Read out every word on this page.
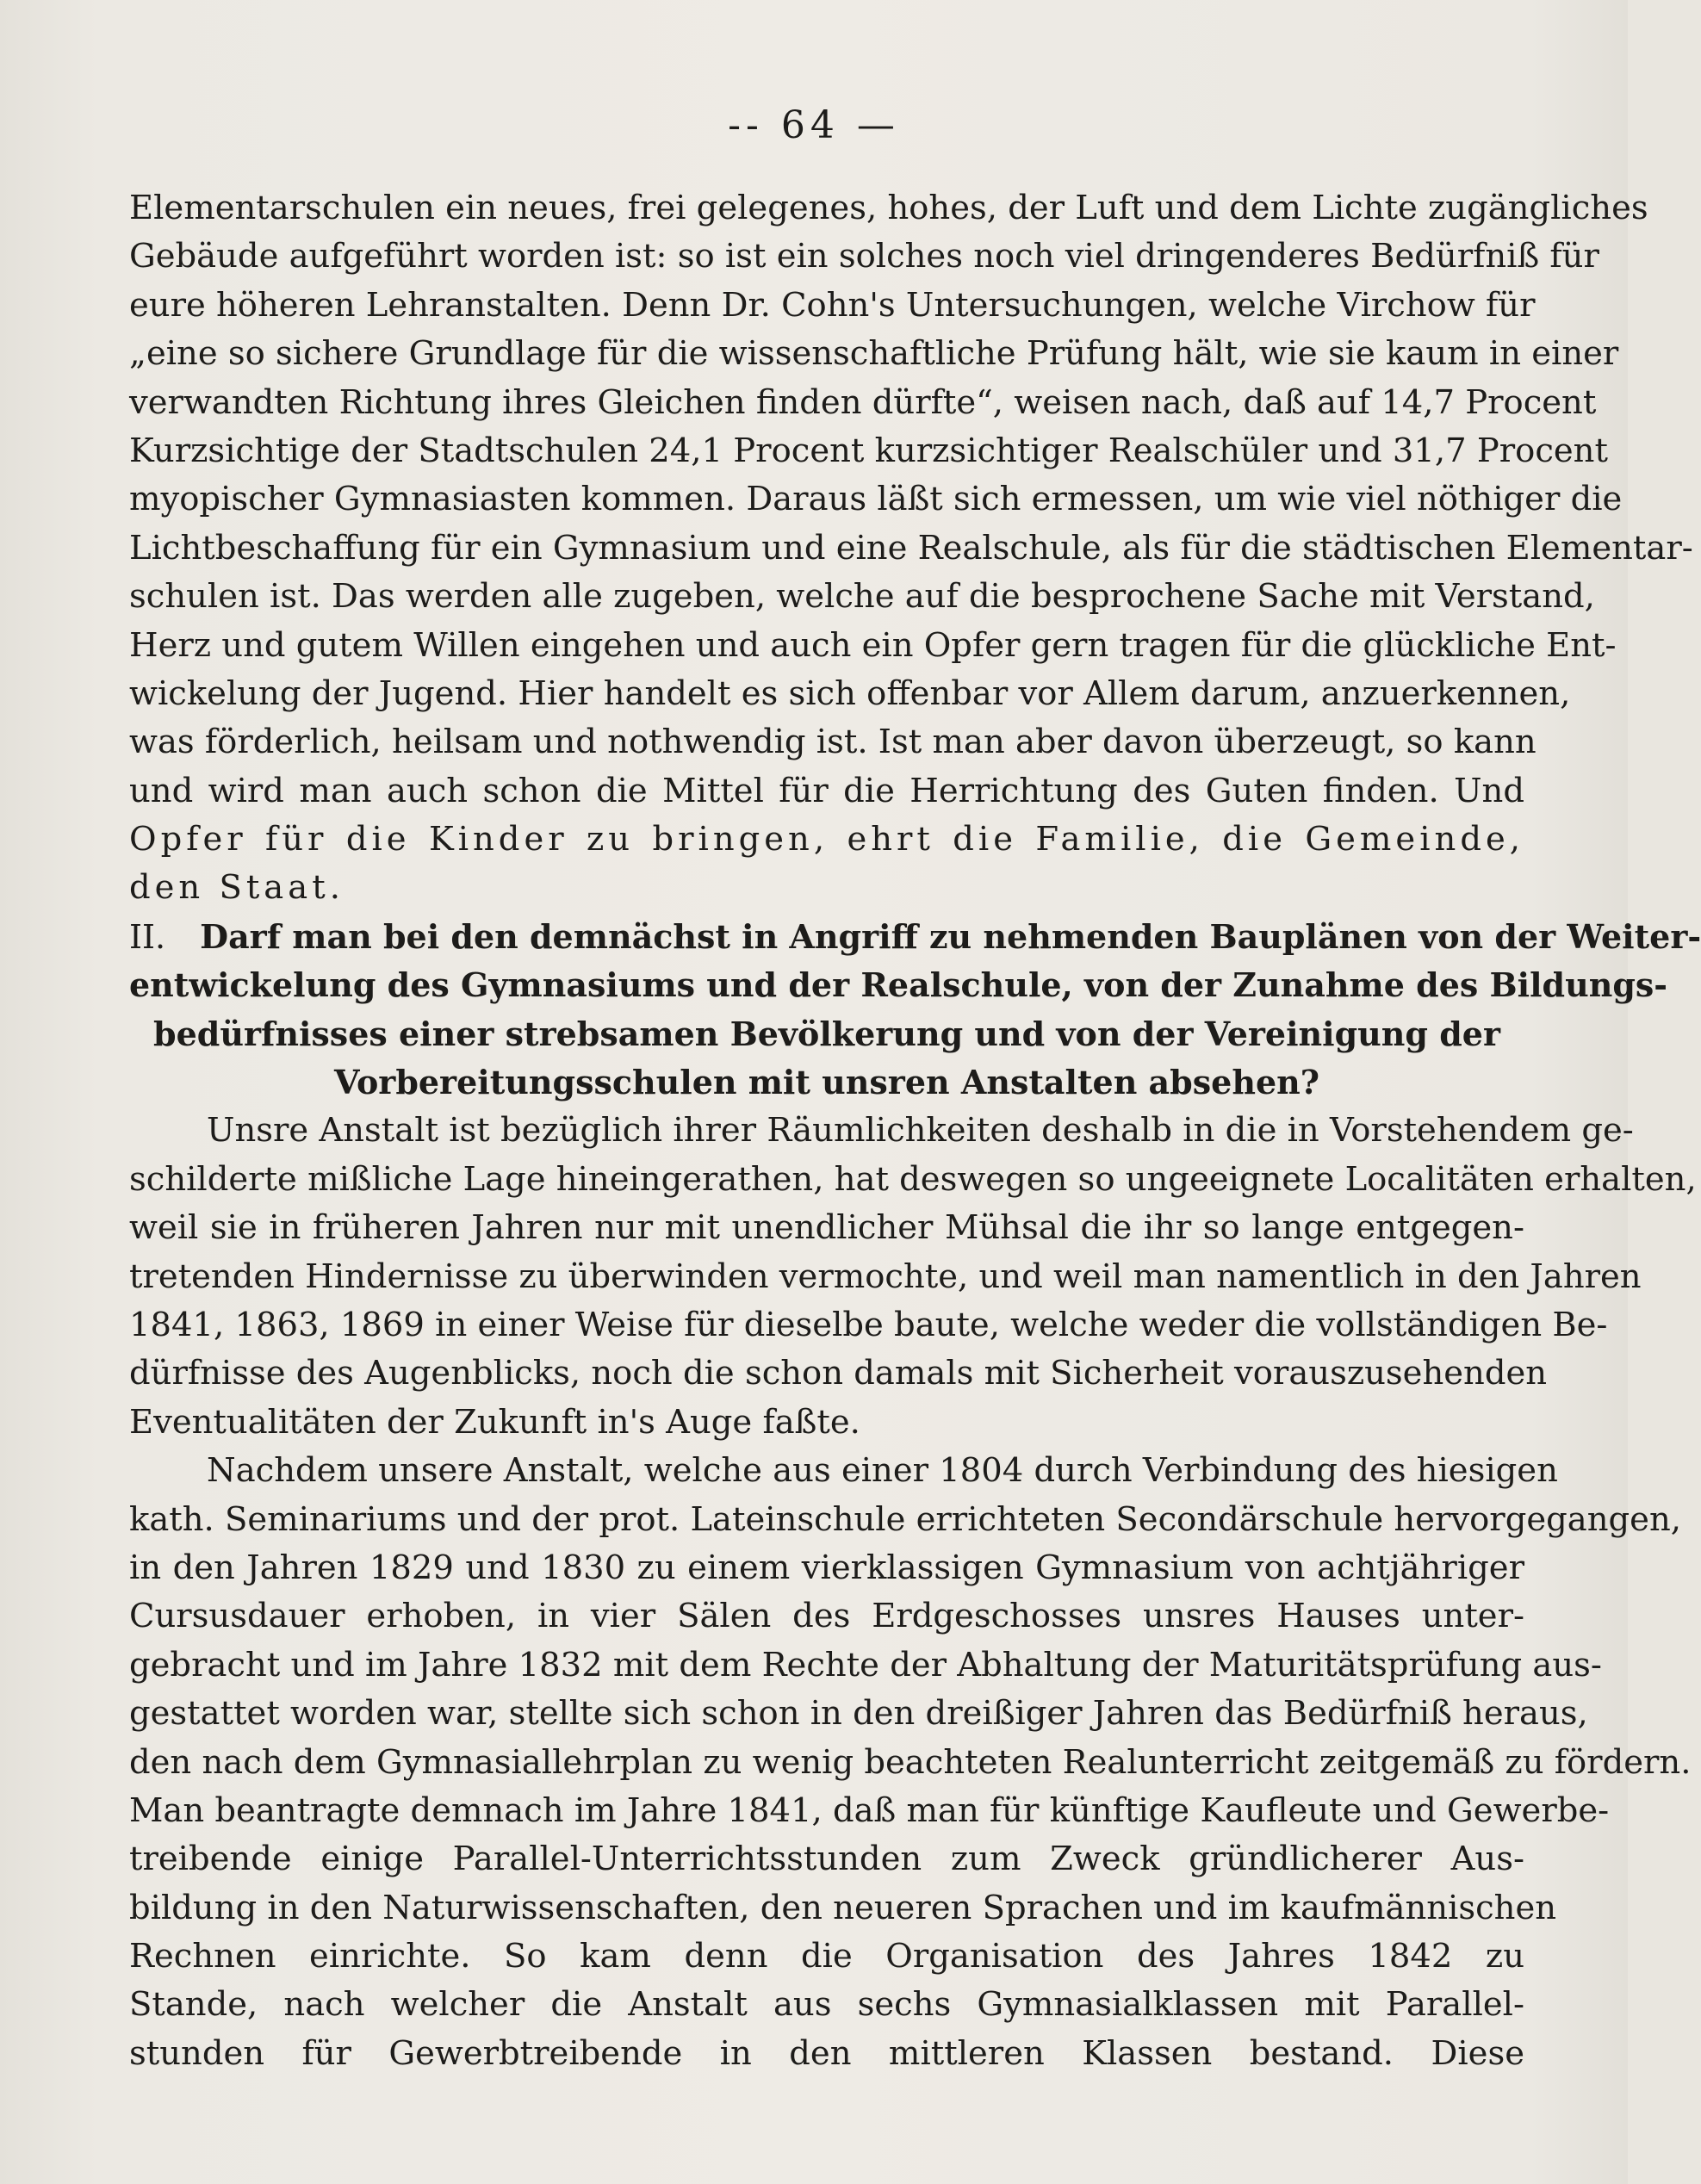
-- 64 —
Elementarschulen ein neues, frei gelegenes, hohes, der Luft und dem Lichte zugängliches
Gebäude aufgeführt worden ist: so ist ein solches noch viel dringenderes Bedürfniß für
eure höheren Lehranstalten. Denn Dr. Cohn's Untersuchungen, welche Virchow für
„eine so sichere Grundlage für die wissenschaftliche Prüfung hält, wie sie kaum in einer
verwandten Richtung ihres Gleichen finden dürfte“, weisen nach, daß auf 14,7 Procent
Kurzsichtige der Stadtschulen 24,1 Procent kurzsichtiger Realschüler und 31,7 Procent
myopischer Gymnasiasten kommen. Daraus läßt sich ermessen, um wie viel nöthiger die
Lichtbeschaffung für ein Gymnasium und eine Realschule, als für die städtischen Elementar-
schulen ist. Das werden alle zugeben, welche auf die besprochene Sache mit Verstand,
Herz und gutem Willen eingehen und auch ein Opfer gern tragen für die glückliche Ent-
wickelung der Jugend. Hier handelt es sich offenbar vor Allem darum, anzuerkennen,
was förderlich, heilsam und nothwendig ist. Ist man aber davon überzeugt, so kann
und wird man auch schon die Mittel für die Herrichtung des Guten finden. Und
Opfer für die Kinder zu bringen, ehrt die Familie, die Gemeinde,
den Staat.
II. Darf man bei den demnächst in Angriff zu nehmenden Bauplänen von der Weiter-
entwickelung des Gymnasiums und der Realschule, von der Zunahme des Bildungs-
bedürfnisses einer strebsamen Bevölkerung und von der Vereinigung der
Vorbereitungsschulen mit unsren Anstalten absehen?
Unsre Anstalt ist bezüglich ihrer Räumlichkeiten deshalb in die in Vorstehendem ge-
schilderte mißliche Lage hineingerathen, hat deswegen so ungeeignete Localitäten erhalten,
weil sie in früheren Jahren nur mit unendlicher Mühsal die ihr so lange entgegen-
tretenden Hindernisse zu überwinden vermochte, und weil man namentlich in den Jahren
1841, 1863, 1869 in einer Weise für dieselbe baute, welche weder die vollständigen Be-
dürfnisse des Augenblicks, noch die schon damals mit Sicherheit vorauszusehenden
Eventualitäten der Zukunft in's Auge faßte.
Nachdem unsere Anstalt, welche aus einer 1804 durch Verbindung des hiesigen
kath. Seminariums und der prot. Lateinschule errichteten Secondärschule hervorgegangen,
in den Jahren 1829 und 1830 zu einem vierklassigen Gymnasium von achtjähriger
Cursusdauer erhoben, in vier Sälen des Erdgeschosses unsres Hauses unter-
gebracht und im Jahre 1832 mit dem Rechte der Abhaltung der Maturitätsprüfung aus-
gestattet worden war, stellte sich schon in den dreißiger Jahren das Bedürfniß heraus,
den nach dem Gymnasiallehrplan zu wenig beachteten Realunterricht zeitgemäß zu fördern.
Man beantragte demnach im Jahre 1841, daß man für künftige Kaufleute und Gewerbe-
treibende einige Parallel-Unterrichtsstunden zum Zweck gründlicherer Aus-
bildung in den Naturwissenschaften, den neueren Sprachen und im kaufmännischen
Rechnen einrichte. So kam denn die Organisation des Jahres 1842 zu
Stande, nach welcher die Anstalt aus sechs Gymnasialklassen mit Parallel-
stunden für Gewerbtreibende in den mittleren Klassen bestand. Diese
